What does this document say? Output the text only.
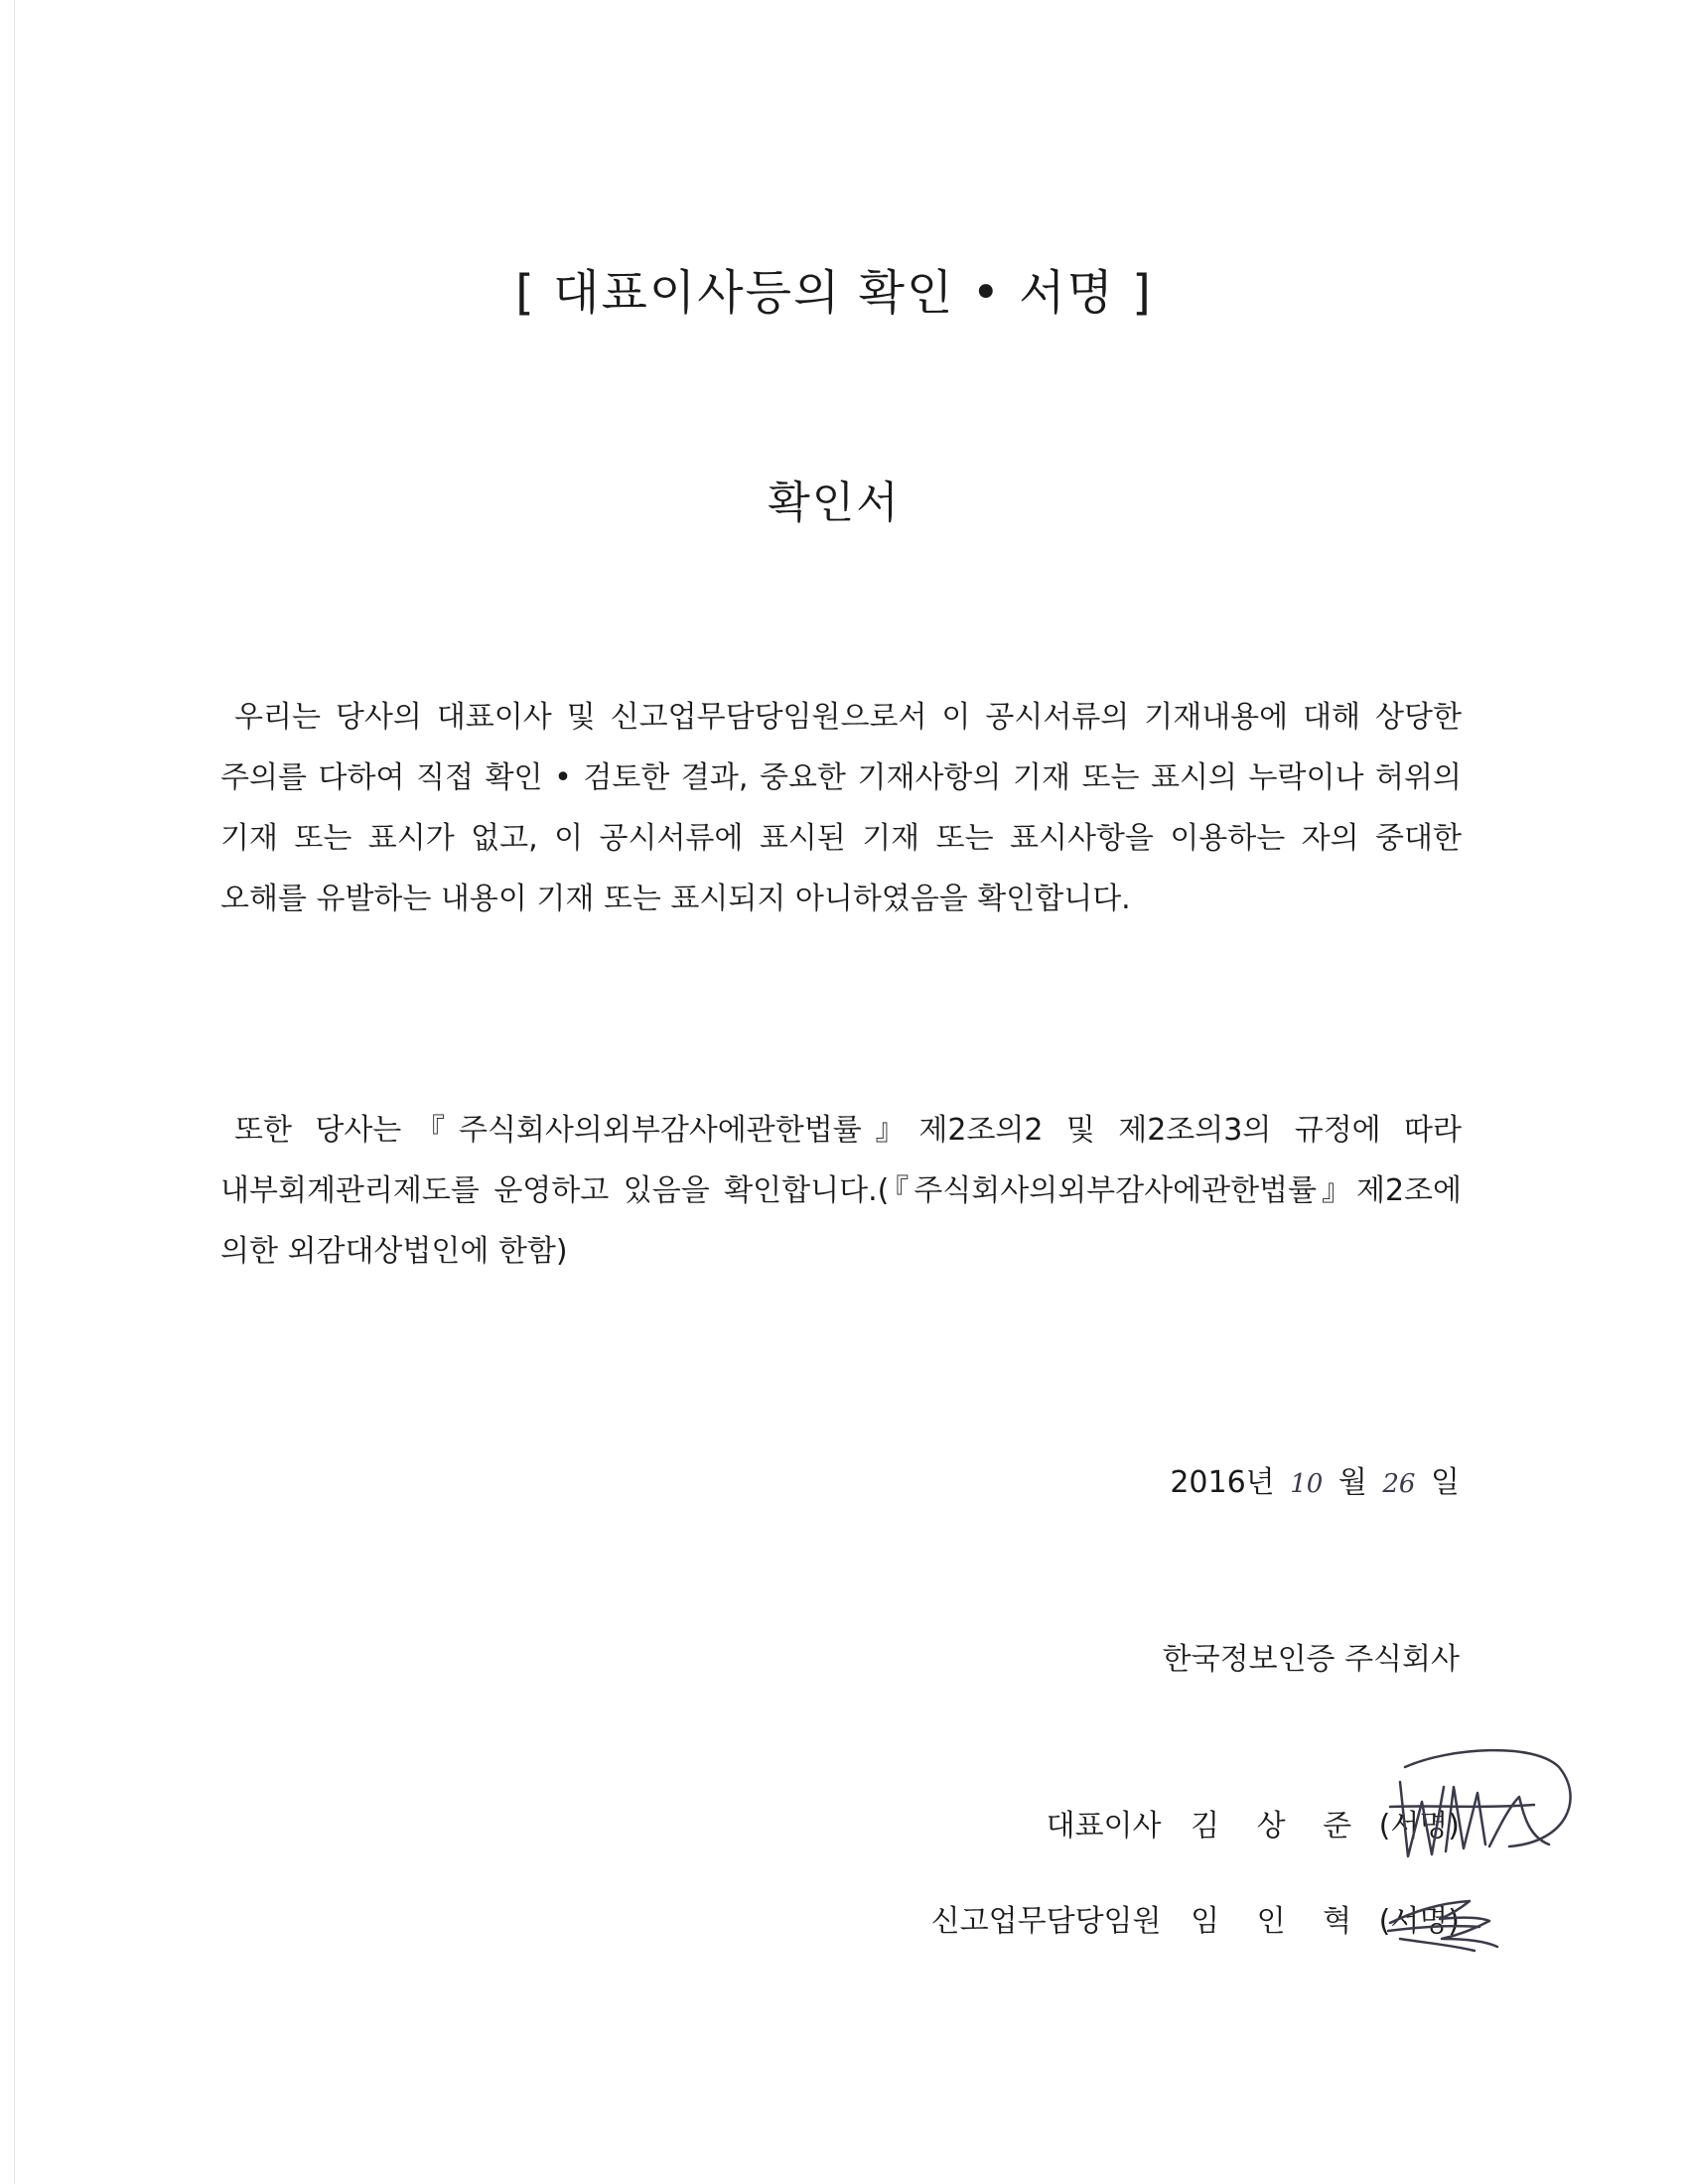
[ 대표이사등의 확인 • 서명 ]
확인서

우리는 당사의 대표이사 및 신고업무담당임원으로서 이 공시서류의 기재내용에 대해 상당한 주의를 다하여 직접 확인 • 검토한 결과, 중요한 기재사항의 기재 또는 표시의 누락이나 허위의 기재 또는 표시가 없고, 이 공시서류에 표시된 기재 또는 표시사항을 이용하는 자의 중대한 오해를 유발하는 내용이 기재 또는 표시되지 아니하였음을 확인합니다.

또한 당사는『주식회사의외부감사에관한법률』제2조의2 및 제2조의3의 규정에 따라 내부회계관리제도를 운영하고 있음을 확인합니다.(『주식회사의외부감사에관한법률』제2조에 의한 외감대상법인에 한함)

2016년 10 월 26 일
한국정보인증 주식회사
대표이사 김 상 준 (서명)
신고업무담당임원 임 인 혁 (서명)
